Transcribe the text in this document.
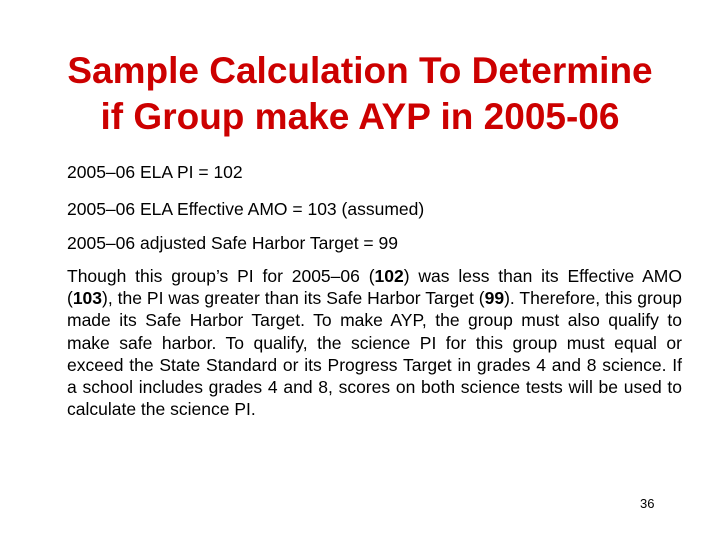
Sample Calculation To Determine
if Group make AYP in 2005-06
2005–06 ELA PI = 102
2005–06 ELA Effective AMO = 103 (assumed)
2005–06 adjusted Safe Harbor Target = 99
Though this group’s PI for 2005–06 (102) was less than its Effective AMO (103), the PI was greater than its Safe Harbor Target (99). Therefore, this group made its Safe Harbor Target. To make AYP, the group must also qualify to make safe harbor. To qualify, the science PI for this group must equal or exceed the State Standard or its Progress Target in grades 4 and 8 science. If a school includes grades 4 and 8, scores on both science tests will be used to calculate the science PI.
36
